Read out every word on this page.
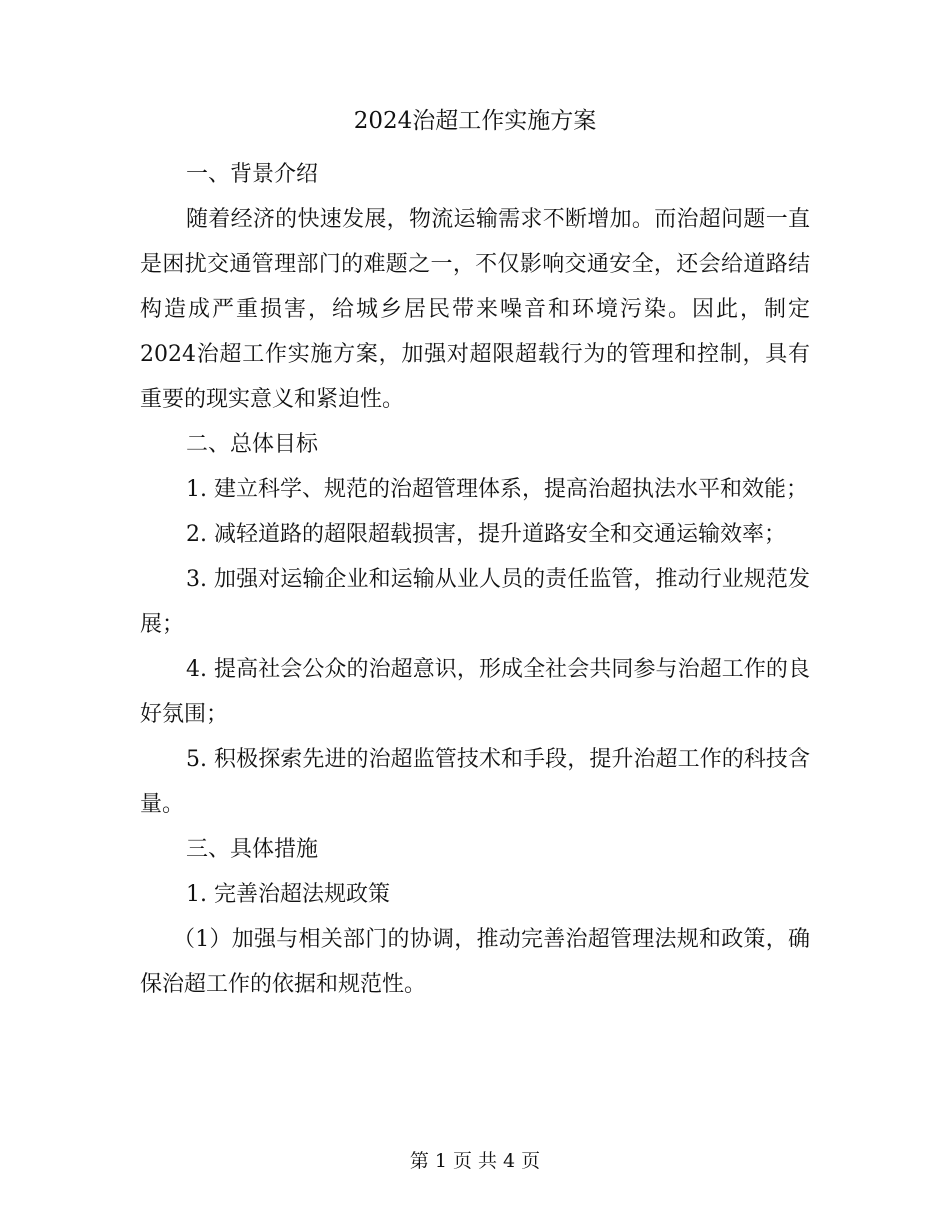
2024治超工作实施方案

一、背景介绍

随着经济的快速发展，物流运输需求不断增加。而治超问题一直是困扰交通管理部门的难题之一，不仅影响交通安全，还会给道路结构造成严重损害，给城乡居民带来噪音和环境污染。因此，制定2024治超工作实施方案，加强对超限超载行为的管理和控制，具有重要的现实意义和紧迫性。

二、总体目标

1. 建立科学、规范的治超管理体系，提高治超执法水平和效能；

2. 减轻道路的超限超载损害，提升道路安全和交通运输效率；

3. 加强对运输企业和运输从业人员的责任监管，推动行业规范发展；

4. 提高社会公众的治超意识，形成全社会共同参与治超工作的良好氛围；

5. 积极探索先进的治超监管技术和手段，提升治超工作的科技含量。

三、具体措施

1. 完善治超法规政策

（1）加强与相关部门的协调，推动完善治超管理法规和政策，确保治超工作的依据和规范性。

第 1 页 共 4 页
